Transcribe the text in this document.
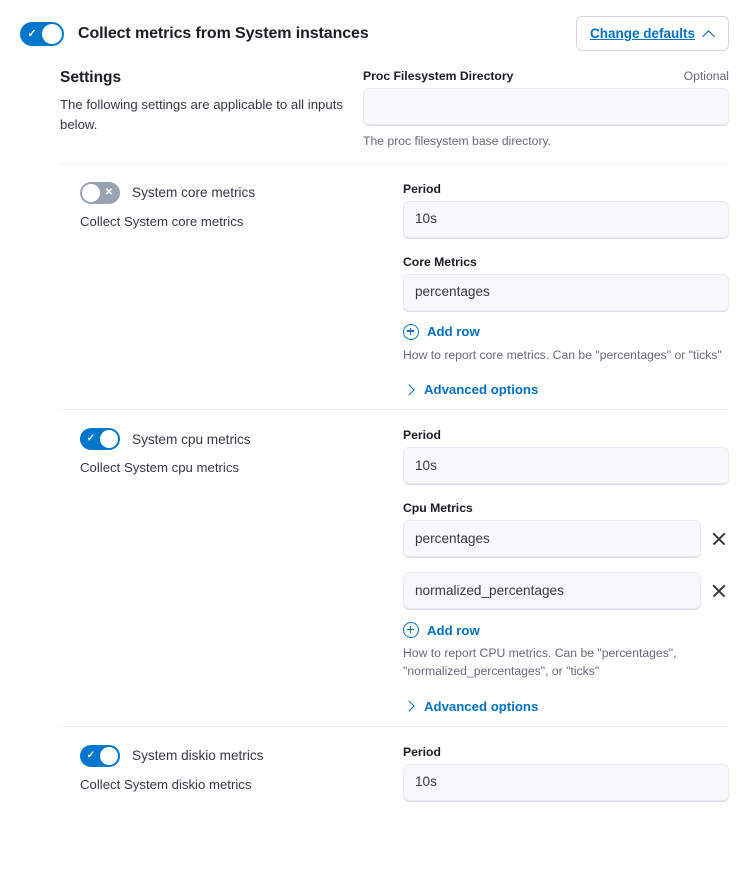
✓	Collect metrics from System instances	Change defaults
Settings
The following settings are applicable to all inputs below.
Proc Filesystem Directory	Optional
The proc filesystem base directory.
✕	System core metrics
Collect System core metrics
Period
10s
Core Metrics
percentages
Add row
How to report core metrics. Can be "percentages" or "ticks"
Advanced options
✓	System cpu metrics
Collect System cpu metrics
Period
10s
Cpu Metrics
percentages
normalized_percentages
Add row
How to report CPU metrics. Can be "percentages", "normalized_percentages", or "ticks"
Advanced options
✓	System diskio metrics
Collect System diskio metrics
Period
10s
